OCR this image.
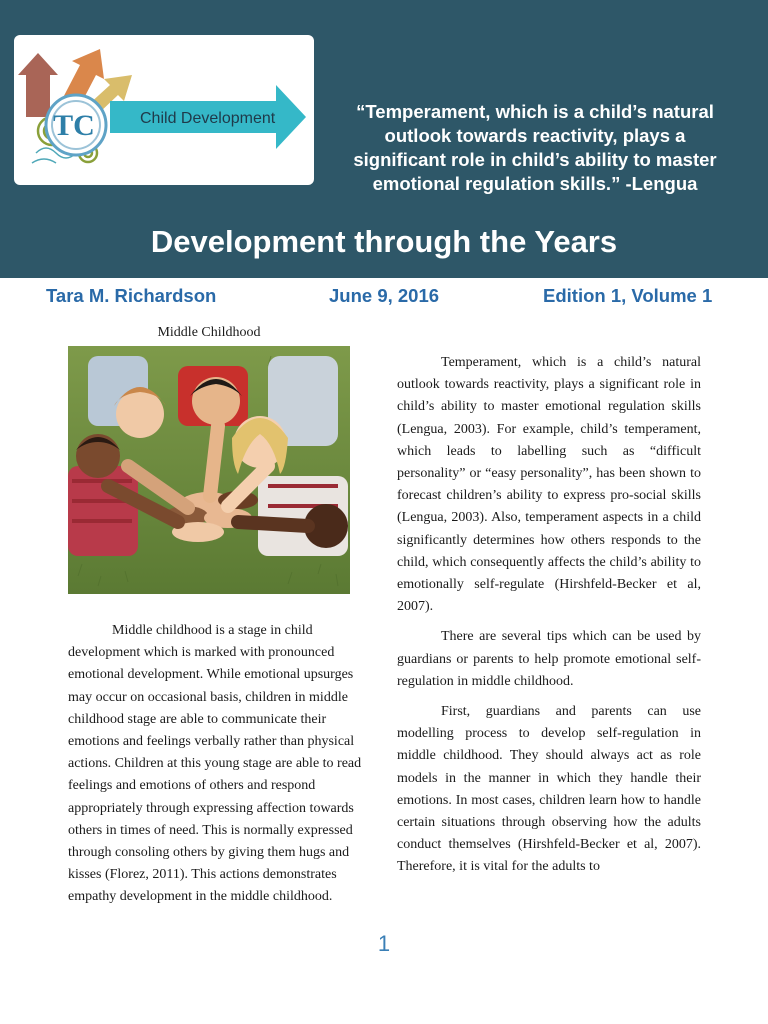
TC	Child Development	“Temperament, which is a child’s natural
outlook towards reactivity, plays a
significant role in child’s ability to master
emotional regulation skills.” -Lengua
Development through the Years
Tara M. Richardson	June 9, 2016	Edition 1, Volume 1
Middle Childhood

Middle childhood is a stage in child development which is marked with pronounced emotional development. While emotional upsurges may occur on occasional basis, children in middle childhood stage are able to communicate their emotions and feelings verbally rather than physical actions. Children at this young stage are able to read feelings and emotions of others and respond appropriately through expressing affection towards others in times of need. This is normally expressed through consoling others by giving them hugs and kisses (Florez, 2011). This actions demonstrates empathy development in the middle childhood.

Temperament, which is a child’s natural outlook towards reactivity, plays a significant role in child’s ability to master emotional regulation skills (Lengua, 2003). For example, child’s temperament, which leads to labelling such as “difficult personality” or “easy personality”, has been shown to forecast children’s ability to express pro-social skills (Lengua, 2003). Also, temperament aspects in a child significantly determines how others responds to the child, which consequently affects the child’s ability to emotionally self-regulate (Hirshfeld-Becker et al, 2007).

There are several tips which can be used by guardians or parents to help promote emotional self-regulation in middle childhood.

First, guardians and parents can use modelling process to develop self-regulation in middle childhood. They should always act as role models in the manner in which they handle their emotions. In most cases, children learn how to handle certain situations through observing how the adults conduct themselves (Hirshfeld-Becker et al, 2007). Therefore, it is vital for the adults to

1
